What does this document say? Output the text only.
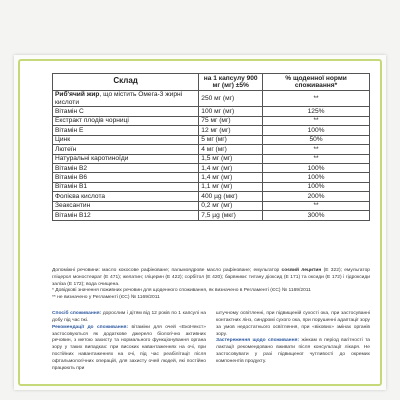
Склад	на 1 капсулу 900 мг (мг) ±5%	% щоденної норми споживання*
Риб'ячий жир, що містить Омега-3 жирні кислоти	250 мг (мг)	**
Вітамін С	100 мг (мг)	125%
Екстракт плодів чорниці	75 мг (мг)	**
Вітамін Е	12 мг (мг)	100%
Цинк	5 мг (мг)	50%
Лютеїн	4 мг (мг)	**
Натуральні каротиноїди	1,5 мг (мг)	**
Вітамін В2	1,4 мг (мг)	100%
Вітамін В6	1,4 мг (мг)	100%
Вітамін В1	1,1 мг (мг)	100%
Фолієва кислота	400 µg (мкг)	200%
Зеаксантин	0,2 мг (мг)	**
Вітамін В12	7,5 µg (мкг)	300%

Допоміжні речовини: масло кокосове рафіноване; пальмоядрове масло рафіноване; емульгатор соєвий лецитин (Е 322); емульгатор гліцерол моностеарат (Е 471); желатин; гліцерин (Е 422); сорбітол (Е 420); барвники: титану діоксид (Е 171) та оксиди (Е 172) і гідроксиди заліза (Е 172); вода очищена.

* Довідкові значення поживних речовин для щоденного споживання, як визначено в Регламенті (ЄС) № 1169/2011

** не визначено у Регламенті (ЄС) № 1169/2011

Спосіб споживання: дорослим і дітям від 12 років по 1 капсулі на добу під час їжі.

Рекомендації до споживання: вітаміни для очей «ЕкоНекст» застосовуються як додаткове джерело біологічно активних речовин, з метою захисту та нормального функціонування органа зору у таких випадках: при високих навантаженнях на очі, при постійних навантаженнях на очі, під час реабілітації після офтальмологічних операцій, для захисту очей людей, які постійно працюють при

штучному освітленні, при підвищеній сухості ока, при застосуванні контактних лінз, синдромі сухого ока, при порушенні адаптації зору за умов недостатнього освітлення, при «вікових» змінах органів зору.

Застереження щодо споживання: жінкам в період вагітності та лактації рекомендовано вживати після консультації лікаря. Не застосовувати у разі підвищеної чутливості до окремих компонентів продукту.
